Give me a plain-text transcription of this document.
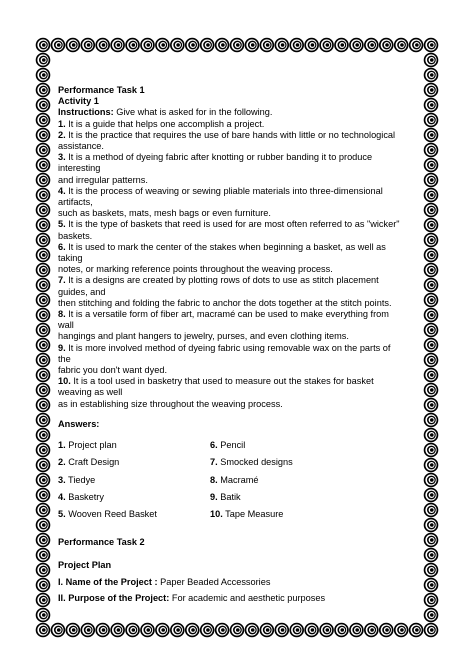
Performance Task 1

Activity 1

Instructions: Give what is asked for in the following.

1. It is a guide that helps one accomplish a project.

2. It is the practice that requires the use of bare hands with little or no technological

assistance.

3. It is a method of dyeing fabric after knotting or rubber banding it to produce

interesting

and irregular patterns.

4. It is the process of weaving or sewing pliable materials into three-dimensional

artifacts,

such as baskets, mats, mesh bags or even furniture.

5. It is the type of baskets that reed is used for are most often referred to as "wicker"

baskets.

6. It is used to mark the center of the stakes when beginning a basket, as well as

taking

notes, or marking reference points throughout the weaving process.

7. It is a designs are created by plotting rows of dots to use as stitch placement

guides, and

then stitching and folding the fabric to anchor the dots together at the stitch points.

8. It is a versatile form of fiber art, macramé can be used to make everything from

wall

hangings and plant hangers to jewelry, purses, and even clothing items.

9. It is more involved method of dyeing fabric using removable wax on the parts of

the

fabric you don't want dyed.

10. It is a tool used in basketry that used to measure out the stakes for basket

weaving as well

as in establishing size throughout the weaving process.

Answers:

1. Project plan	6. Pencil
2. Craft Design	7. Smocked designs
3. Tiedye	8. Macramé
4. Basketry	9. Batik
5. Wooven Reed Basket	10. Tape Measure

Performance Task 2

Project Plan

I. Name of the Project : Paper Beaded Accessories

II. Purpose of the Project: For academic and aesthetic purposes
